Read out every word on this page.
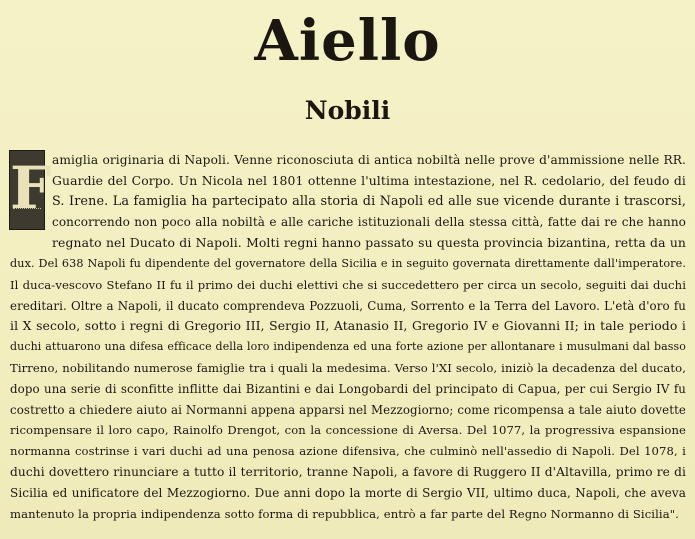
Aiello
Nobili
F amiglia originaria di Napoli. Venne riconosciuta di antica nobiltà nelle prove d'ammissione nelle RR.
Guardie del Corpo. Un Nicola nel 1801 ottenne l'ultima intestazione, nel R. cedolario, del feudo di
S. Irene. La famiglia ha partecipato alla storia di Napoli ed alle sue vicende durante i trascorsi,
concorrendo non poco alla nobiltà e alle cariche istituzionali della stessa città, fatte dai re che hanno
regnato nel Ducato di Napoli. Molti regni hanno passato su questa provincia bizantina, retta da un
dux. Del 638 Napoli fu dipendente del governatore della Sicilia e in seguito governata direttamente dall'imperatore.
Il duca-vescovo Stefano II fu il primo dei duchi elettivi che si succedettero per circa un secolo, seguiti dai duchi
ereditari. Oltre a Napoli, il ducato comprendeva Pozzuoli, Cuma, Sorrento e la Terra del Lavoro. L'età d'oro fu
il X secolo, sotto i regni di Gregorio III, Sergio II, Atanasio II, Gregorio IV e Giovanni II; in tale periodo i
duchi attuarono una difesa efficace della loro indipendenza ed una forte azione per allontanare i musulmani dal basso
Tirreno, nobilitando numerose famiglie tra i quali la medesima. Verso l'XI secolo, iniziò la decadenza del ducato,
dopo una serie di sconfitte inflitte dai Bizantini e dai Longobardi del principato di Capua, per cui Sergio IV fu
costretto a chiedere aiuto ai Normanni appena apparsi nel Mezzogiorno; come ricompensa a tale aiuto dovette
ricompensare il loro capo, Rainolfo Drengot, con la concessione di Aversa. Del 1077, la progressiva espansione
normanna costrinse i vari duchi ad una penosa azione difensiva, che culminò nell'assedio di Napoli. Del 1078, i
duchi dovettero rinunciare a tutto il territorio, tranne Napoli, a favore di Ruggero II d'Altavilla, primo re di
Sicilia ed unificatore del Mezzogiorno. Due anni dopo la morte di Sergio VII, ultimo duca, Napoli, che aveva
mantenuto la propria indipendenza sotto forma di repubblica, entrò a far parte del Regno Normanno di Sicilia".
